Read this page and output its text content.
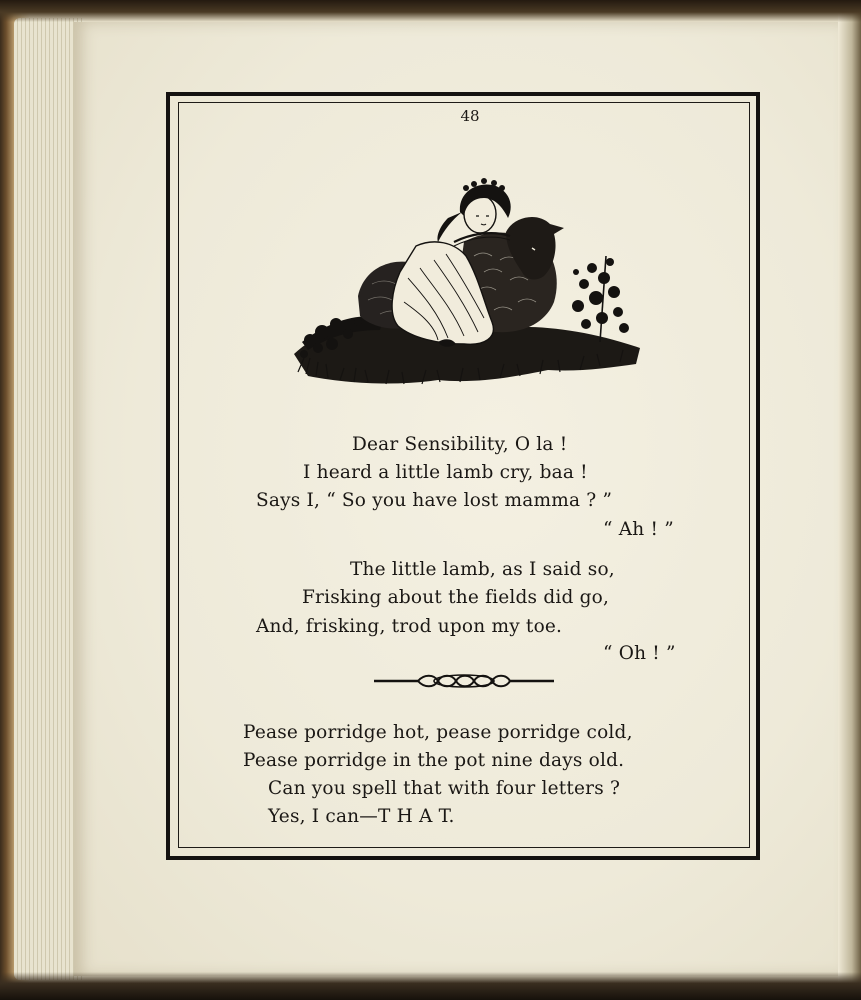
48

Dear Sensibility, O la !

I heard a little lamb cry, baa !

Says I, “ So you have lost mamma ? ”

“ Ah ! ”

The little lamb, as I said so,

Frisking about the fields did go,

And, frisking, trod upon my toe.

“ Oh ! ”

Pease porridge hot, pease porridge cold,

Pease porridge in the pot nine days old.

Can you spell that with four letters ?

Yes, I can—T H A T.
